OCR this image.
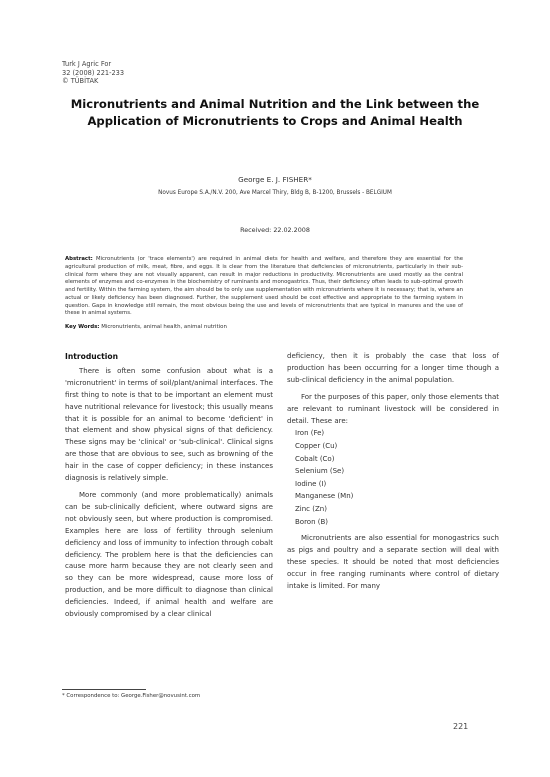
Turk J Agric For
32 (2008) 221-233
© TÜBİTAK
Micronutrients and Animal Nutrition and the Link between the
Application of Micronutrients to Crops and Animal Health
George E. J. FISHER*
Novus Europe S.A./N.V. 200, Ave Marcel Thiry, Bldg B, B-1200, Brussels - BELGIUM
Received: 22.02.2008
Abstract: Micronutrients (or 'trace elements') are required in animal diets for health and welfare, and therefore they are essential for the agricultural production of milk, meat, fibre, and eggs. It is clear from the literature that deficiencies of micronutrients, particularly in their sub-clinical form where they are not visually apparent, can result in major reductions in productivity. Micronutrients are used mostly as the central elements of enzymes and co-enzymes in the biochemistry of ruminants and monogastrics. Thus, their deficiency often leads to sub-optimal growth and fertility. Within the farming system, the aim should be to only use supplementation with micronutrients where it is necessary; that is, where an actual or likely deficiency has been diagnosed. Further, the supplement used should be cost effective and appropriate to the farming system in question. Gaps in knowledge still remain, the most obvious being the use and levels of micronutrients that are typical in manures and the use of these in animal systems.
Key Words: Micronutrients, animal health, animal nutrition

Introduction

There is often some confusion about what is a 'micronutrient' in terms of soil/plant/animal interfaces. The first thing to note is that to be important an element must have nutritional relevance for livestock; this usually means that it is possible for an animal to become 'deficient' in that element and show physical signs of that deficiency. These signs may be 'clinical' or 'sub-clinical'. Clinical signs are those that are obvious to see, such as browning of the hair in the case of copper deficiency; in these instances diagnosis is relatively simple.

More commonly (and more problematically) animals can be sub-clinically deficient, where outward signs are not obviously seen, but where production is compromised. Examples here are loss of fertility through selenium deficiency and loss of immunity to infection through cobalt deficiency. The problem here is that the deficiencies can cause more harm because they are not clearly seen and so they can be more widespread, cause more loss of production, and be more difficult to diagnose than clinical deficiencies. Indeed, if animal health and welfare are obviously compromised by a clear clinical

deficiency, then it is probably the case that loss of production has been occurring for a longer time though a sub-clinical deficiency in the animal population.

For the purposes of this paper, only those elements that are relevant to ruminant livestock will be considered in detail. These are:

Iron (Fe)

Copper (Cu)

Cobalt (Co)

Selenium (Se)

Iodine (I)

Manganese (Mn)

Zinc (Zn)

Boron (B)

Micronutrients are also essential for monogastrics such as pigs and poultry and a separate section will deal with these species. It should be noted that most deficiencies occur in free ranging ruminants where control of dietary intake is limited. For many

* Correspondence to: George.Fisher@novusint.com
221
